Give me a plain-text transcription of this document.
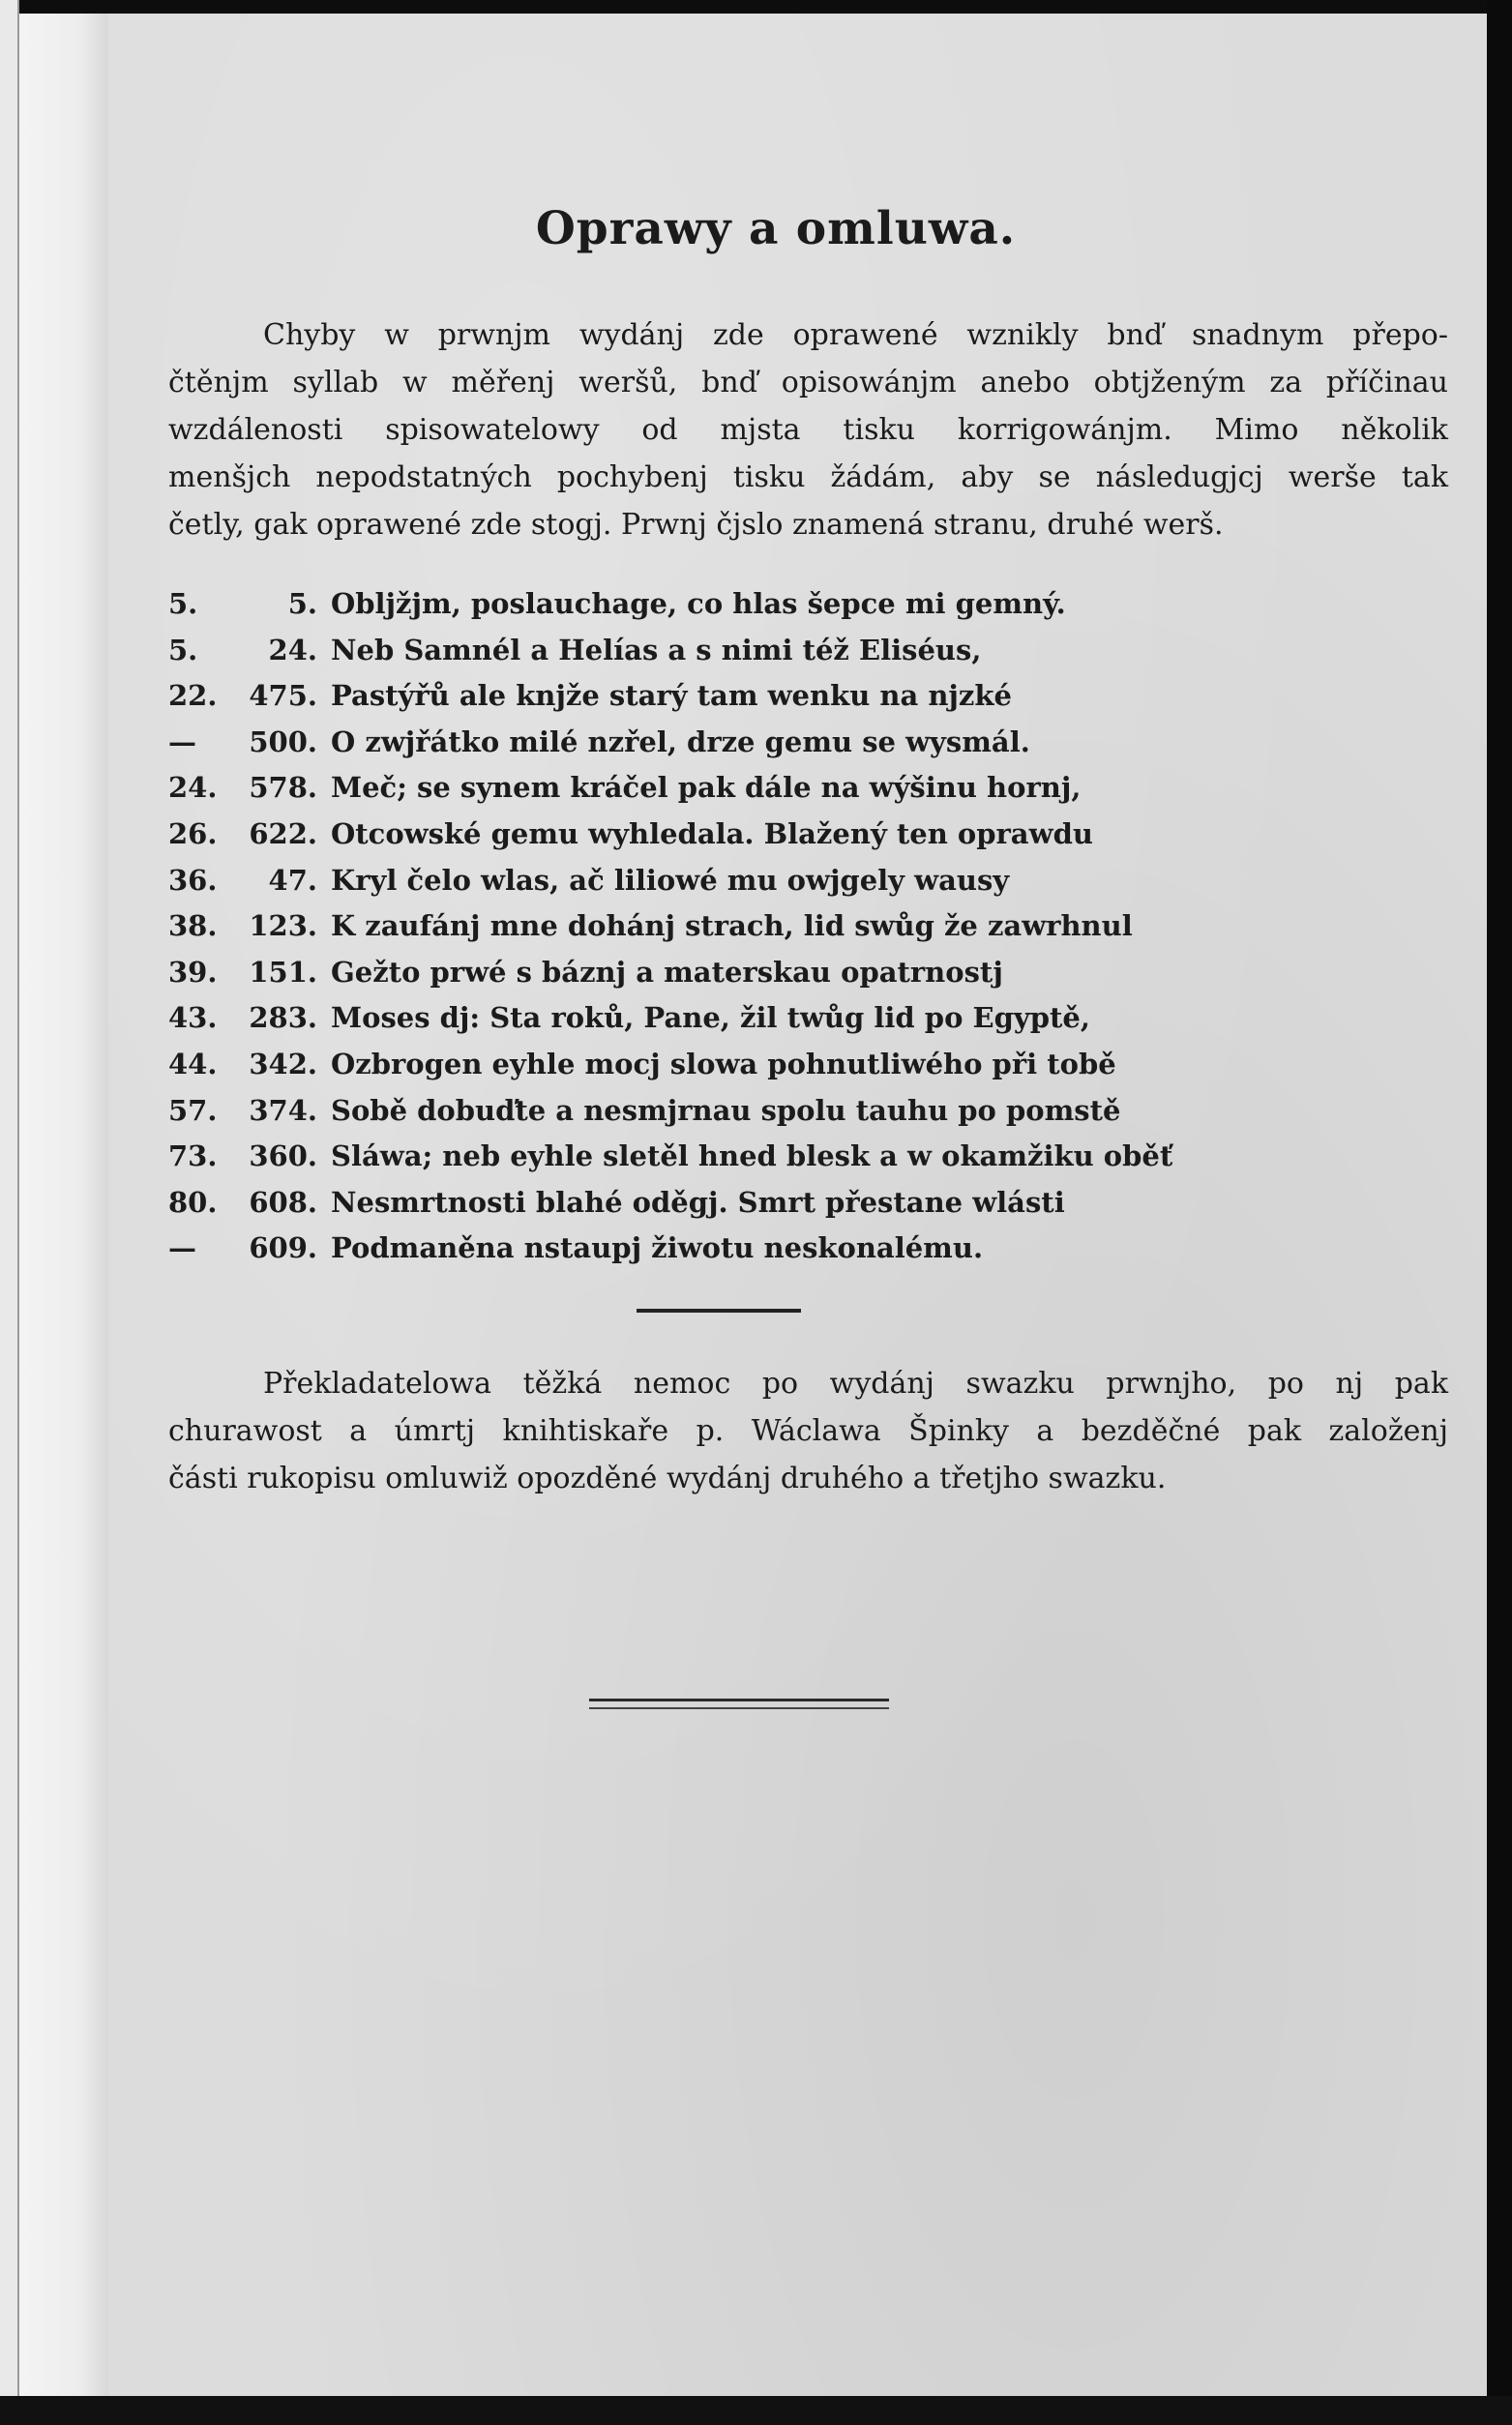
Oprawy a omluwa.
Chyby w prwnjm wydánj zde oprawené wznikly bnď snadnym přepo-
čtěnjm syllab w měřenj weršů, bnď opisowánjm anebo obtjženým za příčinau
wzdálenosti spisowatelowy od mjsta tisku korrigowánjm. Mimo několik
menšjch nepodstatných pochybenj tisku žádám, aby se následugjcj werše tak
četly, gak oprawené zde stogj. Prwnj čjslo znamená stranu, druhé werš.
5.	5. Obljžjm, poslauchage, co hlas šepce mi gemný.
5.	24. Neb Samnél a Helías a s nimi též Eliséus,
22.	475. Pastýřů ale knjže starý tam wenku na njzké
—	500. O zwjřátko milé nzřel, drze gemu se wysmál.
24.	578. Meč; se synem kráčel pak dále na wýšinu hornj,
26.	622. Otcowské gemu wyhledala. Blažený ten oprawdu
36.	47. Kryl čelo wlas, ač liliowé mu owjgely wausy
38.	123. K zaufánj mne dohánj strach, lid swůg že zawrhnul
39.	151. Gežto prwé s báznj a materskau opatrnostj
43.	283. Moses dj: Sta roků, Pane, žil twůg lid po Egyptě,
44.	342. Ozbrogen eyhle mocj slowa pohnutliwého při tobě
57.	374. Sobě dobuďte a nesmjrnau spolu tauhu po pomstě
73.	360. Sláwa; neb eyhle sletěl hned blesk a w okamžiku oběť
80.	608. Nesmrtnosti blahé oděgj. Smrt přestane wlásti
—	609. Podmaněna nstaupj žiwotu neskonalému.
Překladatelowa těžká nemoc po wydánj swazku prwnjho, po nj pak
churawost a úmrtj knihtiskaře p. Wáclawa Špinky a bezděčné pak založenj
části rukopisu omluwiž opozděné wydánj druhého a třetjho swazku.
